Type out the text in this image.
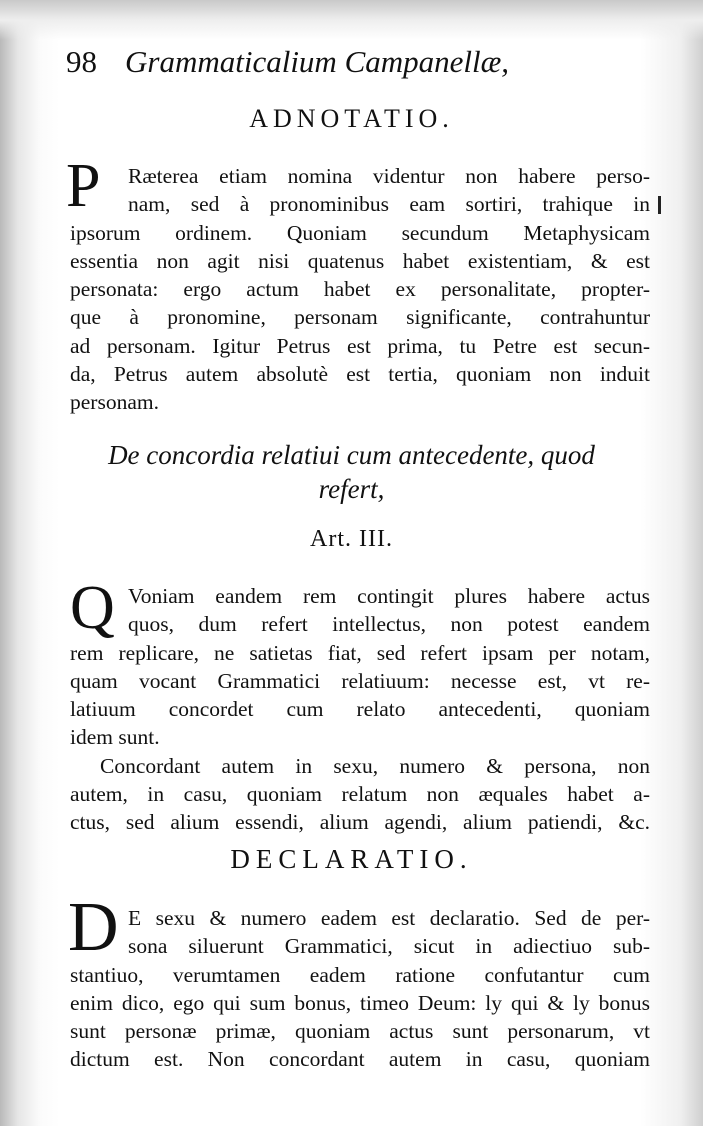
98 Grammaticalium Campanellæ,
ADNOTATIO.
P	Ræterea etiam nomina videntur non habere perso-
nam, sed à pronominibus eam sortiri, trahique in
ipsorum ordinem. Quoniam secundum Metaphysicam
essentia non agit nisi quatenus habet existentiam, & est
personata: ergo actum habet ex personalitate, propter-
que à pronomine, personam significante, contrahuntur
ad personam. Igitur Petrus est prima, tu Petre est secun-
da, Petrus autem absolutè est tertia, quoniam non induit
personam.
De concordia relatiui cum antecedente, quod
refert,
Art. III.
Q Voniam eandem rem contingit plures habere actus
quos, dum refert intellectus, non potest eandem
rem replicare, ne satietas fiat, sed refert ipsam per notam,
quam vocant Grammatici relatiuum: necesse est, vt re-
latiuum concordet cum relato antecedenti, quoniam
idem sunt.
Concordant autem in sexu, numero & persona, non
autem, in casu, quoniam relatum non æquales habet a-
ctus, sed alium essendi, alium agendi, alium patiendi, &c.
DECLARATIO.
D E sexu & numero eadem est declaratio. Sed de per-
sona siluerunt Grammatici, sicut in adiectiuo sub-
stantiuo, verumtamen eadem ratione confutantur cum
enim dico, ego qui sum bonus, timeo Deum: ly qui & ly bonus
sunt personæ primæ, quoniam actus sunt personarum, vt
dictum est. Non concordant autem in casu, quoniam
